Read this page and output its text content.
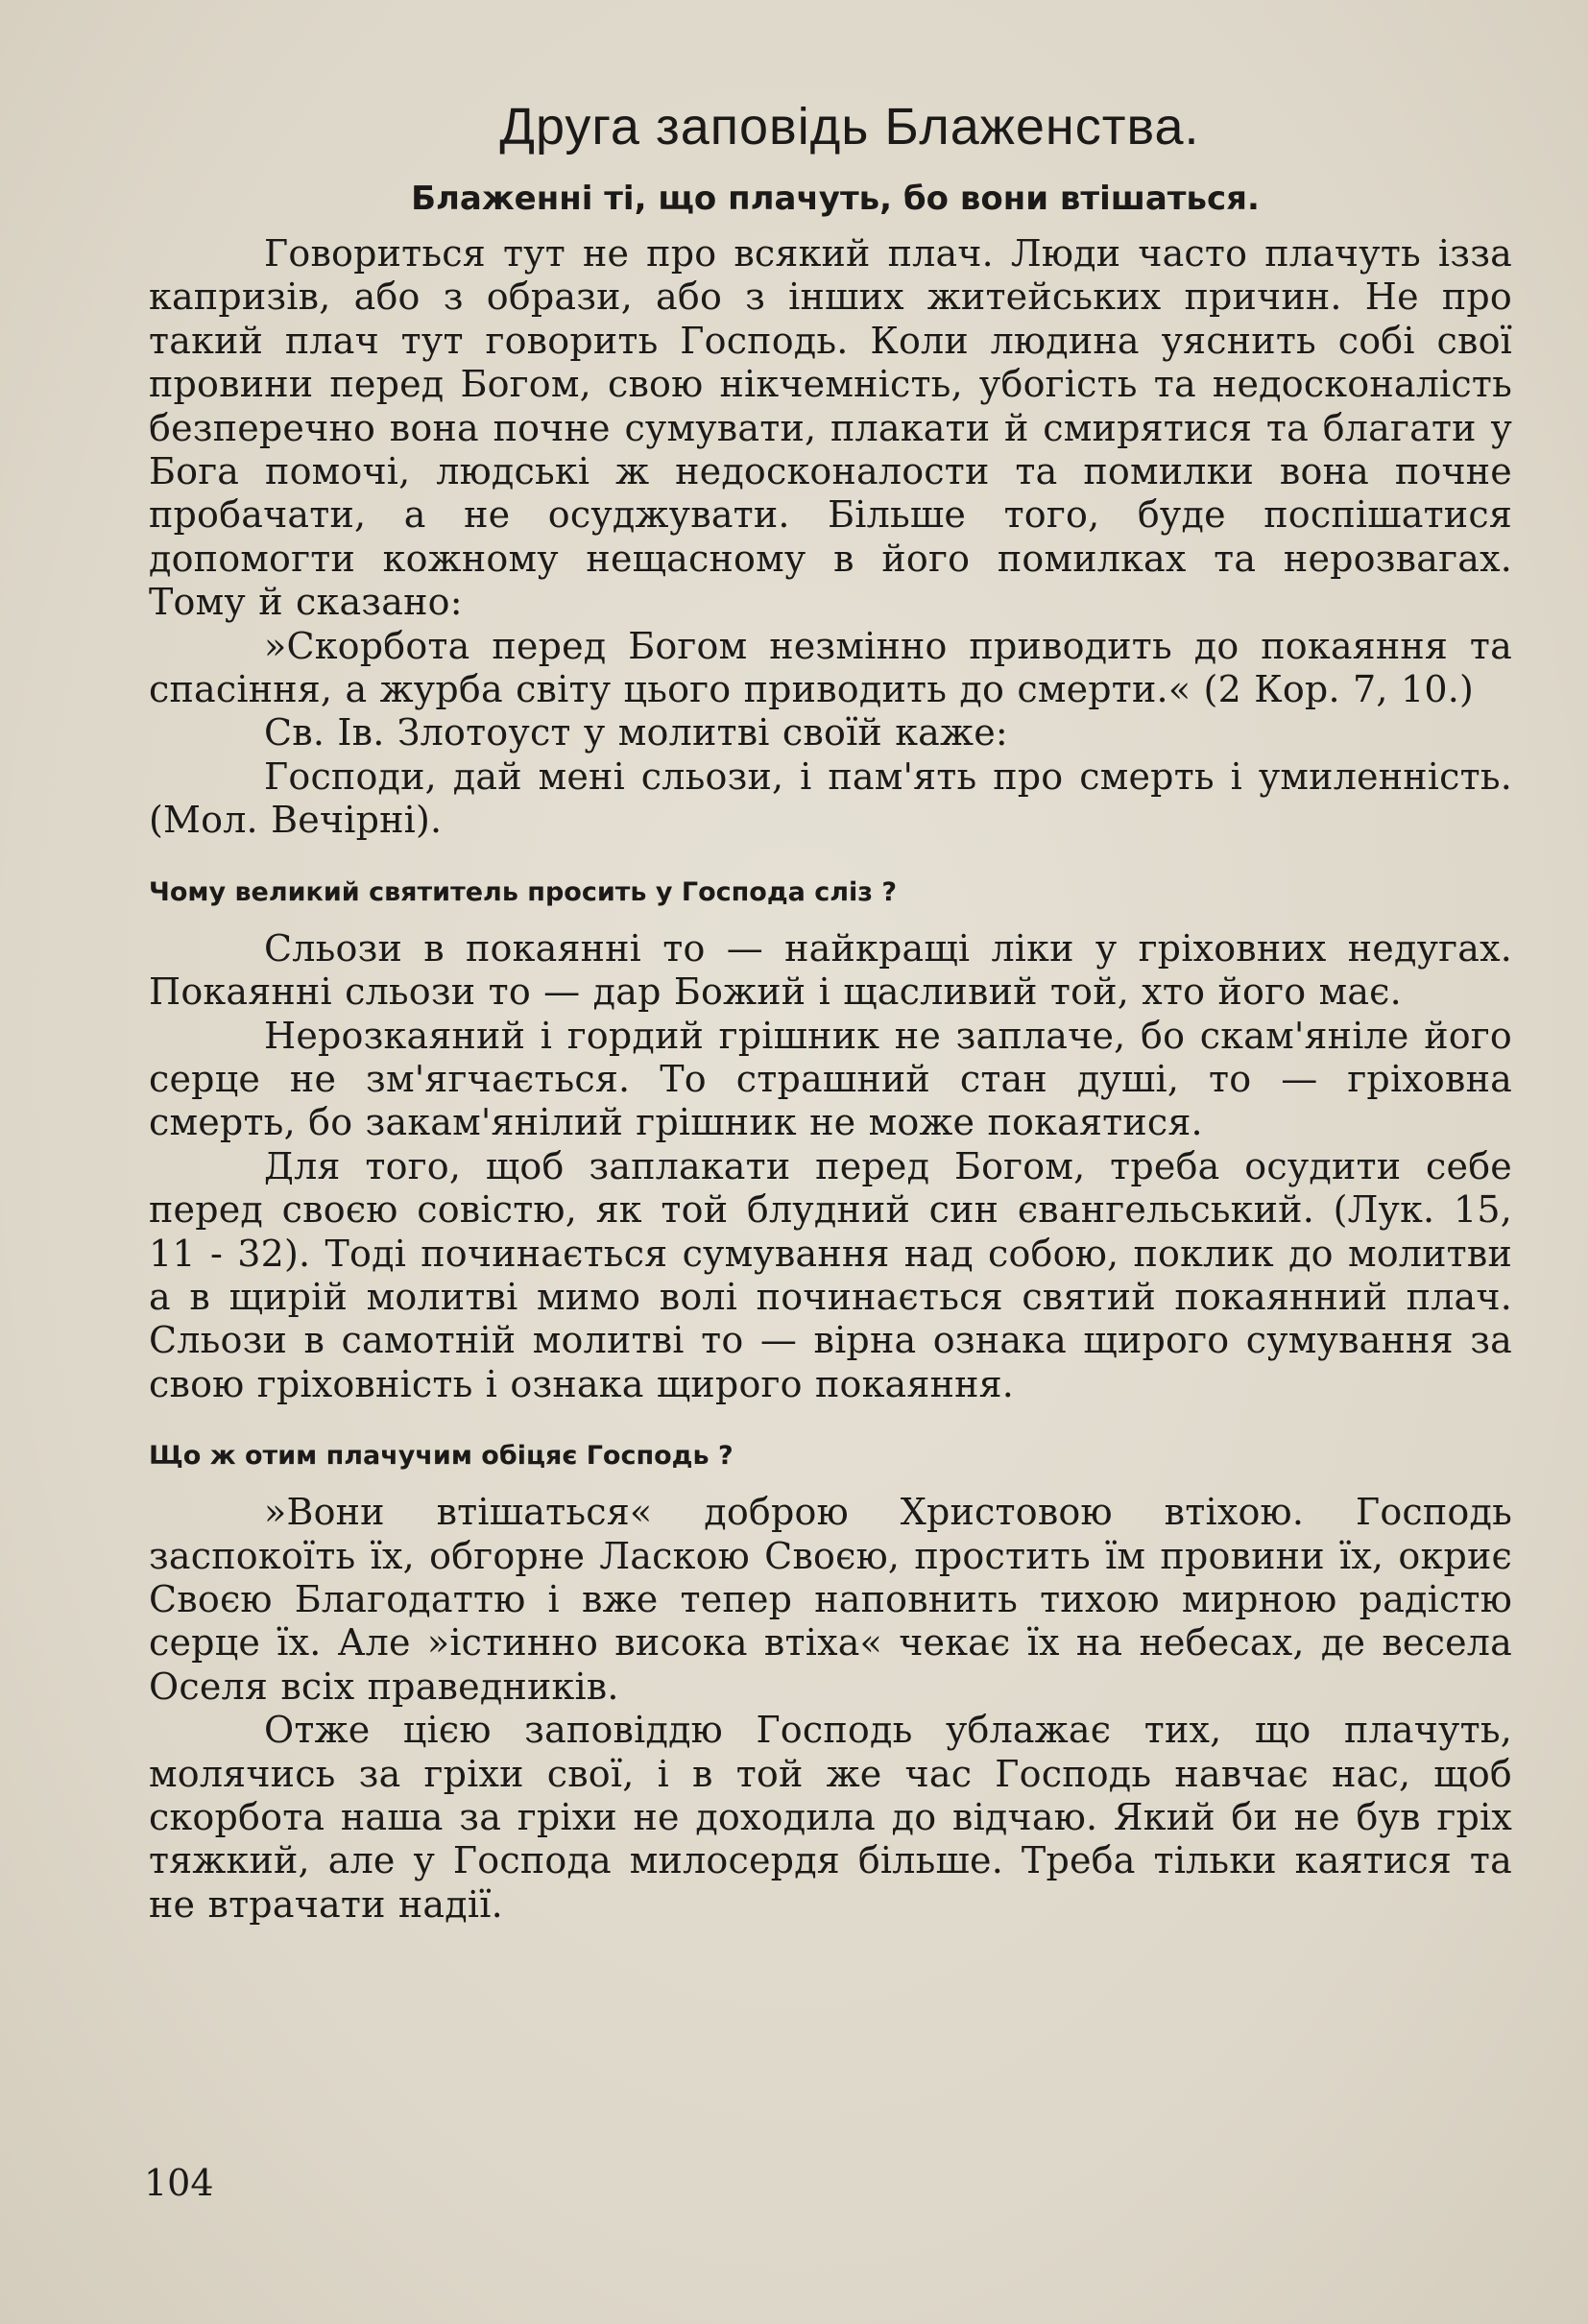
Друга заповідь Блаженства.
Блаженні ті, що плачуть, бо вони втішаться.

Говориться тут не про всякий плач. Люди часто плачуть ізза капризів, або з образи, або з інших житейських причин. Не про такий плач тут говорить Господь. Коли людина уяснить собі свої провини перед Богом, свою нікчемність, убогість та недосконалість безперечно вона почне сумувати, плакати й смирятися та благати у Бога помочі, людські ж недосконалости та помилки вона почне пробачати, а не осуджувати. Більше того, буде поспішатися допомогти кожному нещасному в його помилках та нерозвагах. Тому й сказано:

»Скорбота перед Богом незмінно приводить до покаяння та спасіння, а журба світу цього приводить до смерти.« (2 Кор. 7, 10.)

Св. Ів. Злотоуст у молитві своїй каже:

Господи, дай мені сльози, і пам'ять про смерть і умиленність. (Мол. Вечірні).

Чому великий святитель просить у Господа сліз ?

Сльози в покаянні то — найкращі ліки у гріховних недугах. Покаянні сльози то — дар Божий і щасливий той, хто його має.

Нерозкаяний і гордий грішник не заплаче, бо скам'яніле його серце не зм'ягчається. То страшний стан душі, то — гріховна смерть, бо закам'янілий грішник не може покаятися.

Для того, щоб заплакати перед Богом, треба осудити себе перед своєю совістю, як той блудний син євангельський. (Лук. 15, 11 - 32). Тоді починається сумування над собою, поклик до молитви а в щирій молитві мимо волі починається святий покаянний плач. Сльози в самотній молитві то — вірна ознака щирого сумування за свою гріховність і ознака щирого покаяння.

Що ж отим плачучим обіцяє Господь ?

»Вони втішаться« доброю Христовою втіхою. Господь заспокоїть їх, обгорне Ласкою Своєю, простить їм провини їх, окриє Своєю Благодаттю і вже тепер наповнить тихою мирною радістю серце їх. Але »істинно висока втіха« чекає їх на небесах, де весела Оселя всіх праведників.

Отже цією заповіддю Господь ублажає тих, що плачуть, молячись за гріхи свої, і в той же час Господь навчає нас, щоб скорбота наша за гріхи не доходила до відчаю. Який би не був гріх тяжкий, але у Господа милосердя більше. Треба тільки каятися та не втрачати надії.

104
